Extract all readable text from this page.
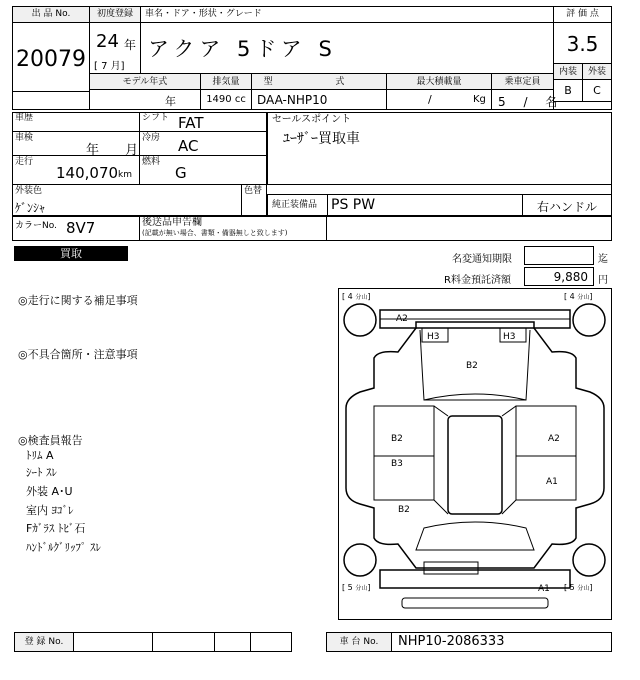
出 品 No.
20079
初度登録
24 年
[ 7 月]
車名・ドア・形状・グレード
アクア 5ドア S
評 価 点
3.5
内装	外装
B	C
モデル年式	排気量	型 式	最大積載量	乗車定員
年	1490 cc DAA-NHP10	/	Kg	5 / 名
車歴	シフト FAT
車検
年 月
冷房 AC
走行
140,070 km
燃料
G
セールスポイント
ﾕｰｻﾞｰ買取車
外装色
ｹﾞﾝｼｬ
色替
純正装備品 PS PW	右ハンドル
カラーNo. 8V7	後送品申告欄
(記載が無い場合、書類・備器無しと致します)
買取	名変通知期限	迄
R料金預託済額	9,880	円
◎走行に関する補足事項
◎不具合箇所・注意事項
◎検査員報告
ﾄﾘﾑ A
ｼｰﾄ ｽﾚ
外装 A･U
室内 ﾖｺﾞﾚ
Fｶﾞﾗｽ ﾄﾋﾞ石
ﾊﾝﾄﾞﾙｸﾞﾘｯﾌﾟ ｽﾚ
[ 4 分山]	[ 4 分山]
[ 5 分山]	[ 5 分山]
A2
H3	H3
B2
B2	A2
B3
A1
B2
A1
登 録 No.	車 台 No.	NHP10-2086333
